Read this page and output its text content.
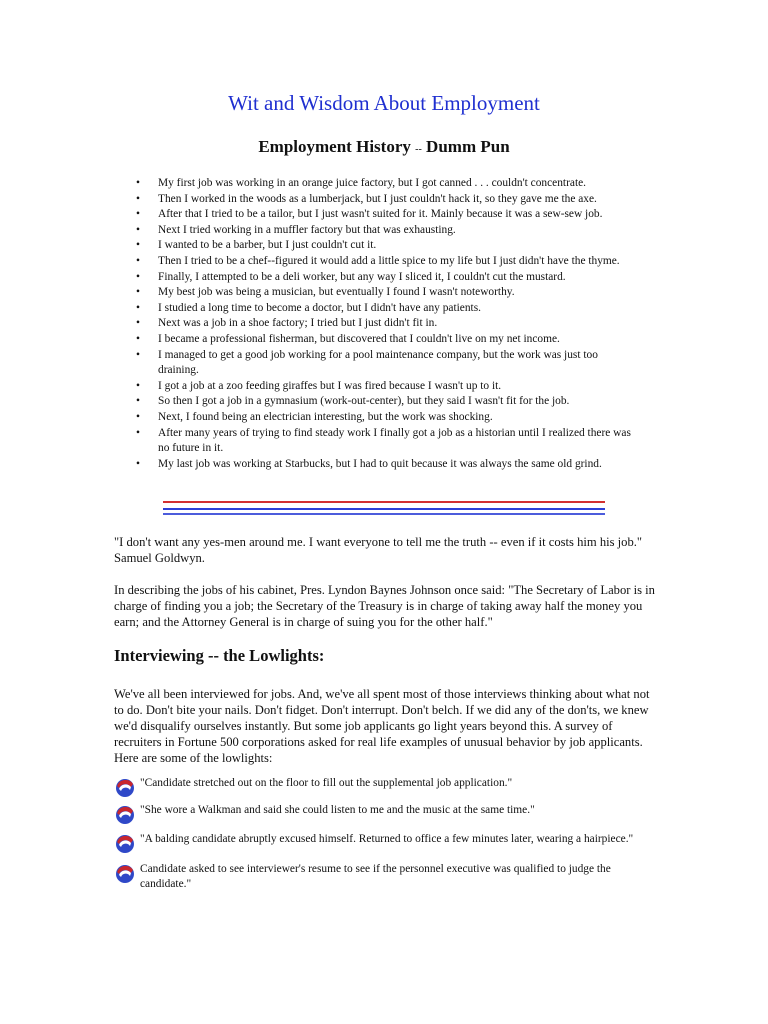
Wit and Wisdom About Employment
Employment History -- Dumm Pun
• My first job was working in an orange juice factory, but I got canned . . . couldn't concentrate.
• Then I worked in the woods as a lumberjack, but I just couldn't hack it, so they gave me the axe.
• After that I tried to be a tailor, but I just wasn't suited for it. Mainly because it was a sew-sew job.
• Next I tried working in a muffler factory but that was exhausting.
• I wanted to be a barber, but I just couldn't cut it.
• Then I tried to be a chef--figured it would add a little spice to my life but I just didn't have the thyme.
• Finally, I attempted to be a deli worker, but any way I sliced it, I couldn't cut the mustard.
• My best job was being a musician, but eventually I found I wasn't noteworthy.
• I studied a long time to become a doctor, but I didn't have any patients.
• Next was a job in a shoe factory; I tried but I just didn't fit in.
• I became a professional fisherman, but discovered that I couldn't live on my net income.
• I managed to get a good job working for a pool maintenance company, but the work was just too draining.
• I got a job at a zoo feeding giraffes but I was fired because I wasn't up to it.
• So then I got a job in a gymnasium (work-out-center), but they said I wasn't fit for the job.
• Next, I found being an electrician interesting, but the work was shocking.
• After many years of trying to find steady work I finally got a job as a historian until I realized there was no future in it.
• My last job was working at Starbucks, but I had to quit because it was always the same old grind.

"I don't want any yes-men around me. I want everyone to tell me the truth -- even if it costs him his job." Samuel Goldwyn.

In describing the jobs of his cabinet, Pres. Lyndon Baynes Johnson once said: "The Secretary of Labor is in charge of finding you a job; the Secretary of the Treasury is in charge of taking away half the money you earn; and the Attorney General is in charge of suing you for the other half."

Interviewing -- the Lowlights:

We've all been interviewed for jobs. And, we've all spent most of those interviews thinking about what not to do. Don't bite your nails. Don't fidget. Don't interrupt. Don't belch. If we did any of the don'ts, we knew we'd disqualify ourselves instantly. But some job applicants go light years beyond this. A survey of recruiters in Fortune 500 corporations asked for real life examples of unusual behavior by job applicants. Here are some of the lowlights:

"Candidate stretched out on the floor to fill out the supplemental job application."
"She wore a Walkman and said she could listen to me and the music at the same time."
"A balding candidate abruptly excused himself. Returned to office a few minutes later, wearing a hairpiece."
Candidate asked to see interviewer's resume to see if the personnel executive was qualified to judge the candidate."
